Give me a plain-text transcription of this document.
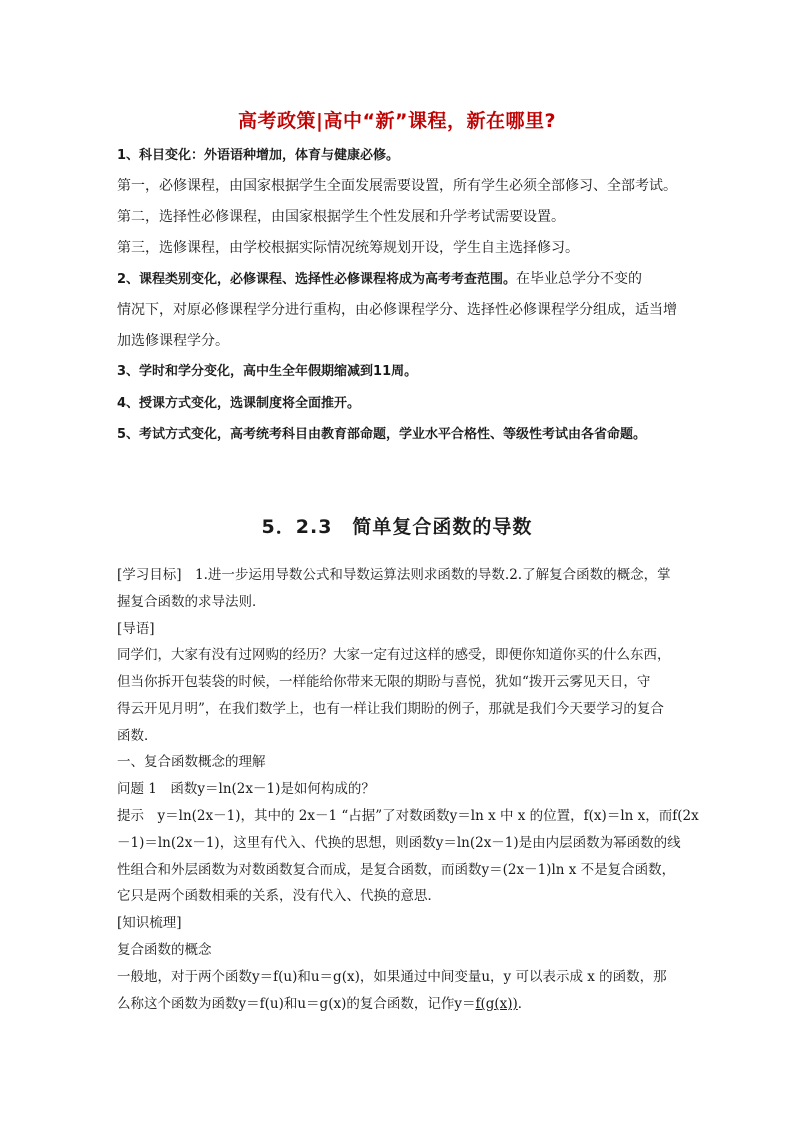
高考政策|高中“新”课程，新在哪里?
1、科目变化：外语语种增加，体育与健康必修。
第一，必修课程，由国家根据学生全面发展需要设置，所有学生必须全部修习、全部考试。
第二，选择性必修课程，由国家根据学生个性发展和升学考试需要设置。
第三，选修课程，由学校根据实际情况统筹规划开设，学生自主选择修习。
2、课程类别变化，必修课程、选择性必修课程将成为高考考查范围。在毕业总学分不变的
情况下，对原必修课程学分进行重构，由必修课程学分、选择性必修课程学分组成，适当增
加选修课程学分。
3、学时和学分变化，高中生全年假期缩减到11周。
4、授课方式变化，选课制度将全面推开。
5、考试方式变化，高考统考科目由教育部命题，学业水平合格性、等级性考试由各省命题。
5．2.3　简单复合函数的导数
[学习目标]　1.进一步运用导数公式和导数运算法则求函数的导数.2.了解复合函数的概念，掌
握复合函数的求导法则．
[导语]
同学们，大家有没有过网购的经历？大家一定有过这样的感受，即便你知道你买的什么东西，
但当你拆开包装袋的时候，一样能给你带来无限的期盼与喜悦，犹如“拨开云雾见天日，守
得云开见月明”，在我们数学上，也有一样让我们期盼的例子，那就是我们今天要学习的复合
函数．
一、复合函数概念的理解
问题 1　函数y＝ln(2x－1)是如何构成的？
提示　y＝ln(2x－1)，其中的 2x－1 “占据”了对数函数y＝ln x 中 x 的位置，f(x)＝ln x，而f(2x
－1)＝ln(2x－1)，这里有代入、代换的思想，则函数y＝ln(2x－1)是由内层函数为幂函数的线
性组合和外层函数为对数函数复合而成，是复合函数，而函数y＝(2x－1)ln x 不是复合函数，
它只是两个函数相乘的关系，没有代入、代换的意思．
[知识梳理]
复合函数的概念
一般地，对于两个函数y＝f(u)和u＝g(x)，如果通过中间变量u，y 可以表示成 x 的函数，那
么称这个函数为函数y＝f(u)和u＝g(x)的复合函数，记作y＝f(g(x))．
